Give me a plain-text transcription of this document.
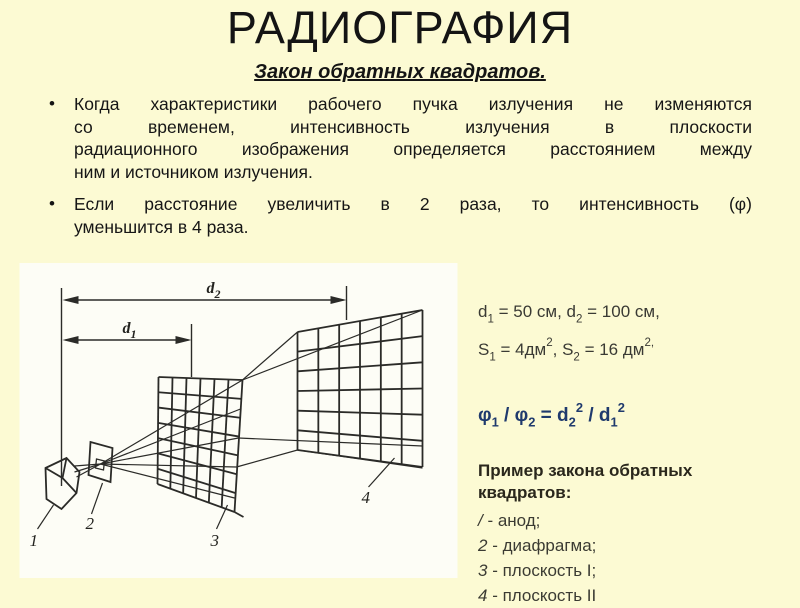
РАДИОГРАФИЯ
Закон обратных квадратов.
•	Когда характеристики рабочего пучка излучения не изменяются
со временем, интенсивность излучения в плоскости
радиационного изображения определяется расстоянием между
ним и источником излучения.
•	Если расстояние увеличить в 2 раза, то интенсивность (φ)
уменьшится в 4 раза.
$d_2$
$d_1$
1
2
3
4
$d_1 = 50$ см, $d_2 = 100$ см,
$S_1 = 4дм^2$, $S_2 = 16$ $дм^{2,}$
$\varphi_1 / \varphi_2 = d_2^2 / d_1^2$
Пример закона обратных квадратов:
/ - анод;
2 - диафрагма;
3 - плоскость I;
4 - плоскость II
